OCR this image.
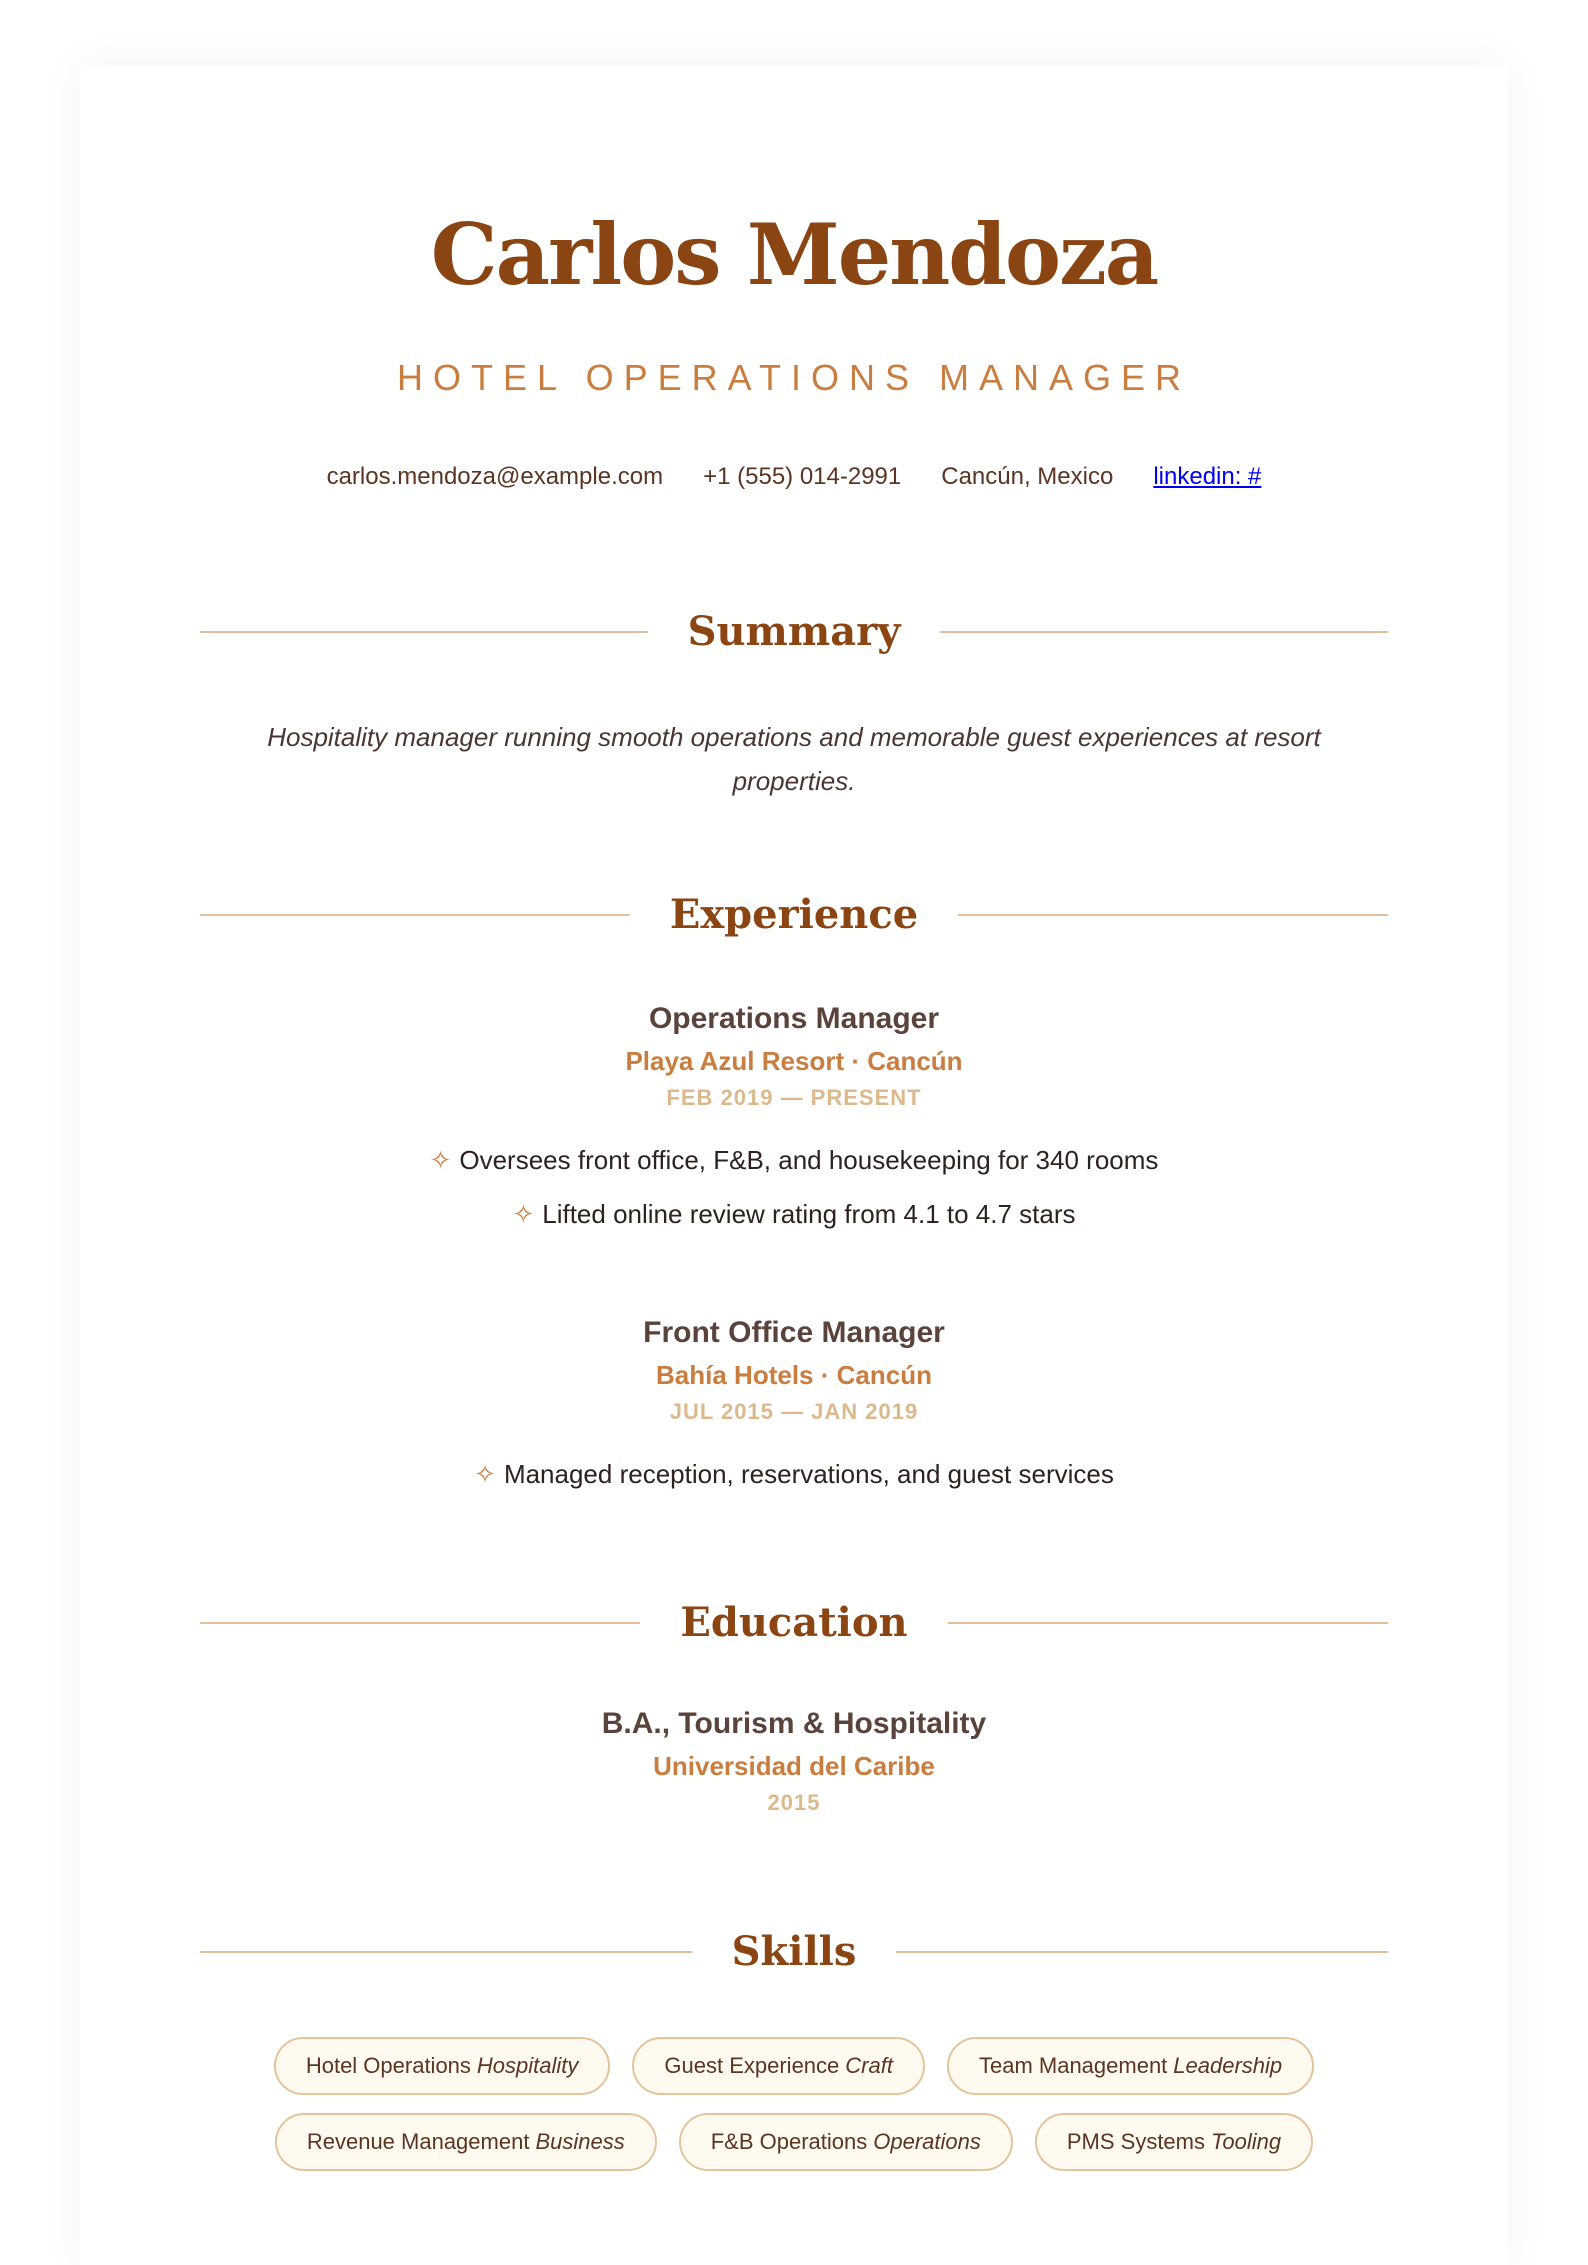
Carlos Mendoza
HOTEL OPERATIONS MANAGER
carlos.mendoza@example.com +1 (555) 014-2991 Cancún, Mexico linkedin: #
Summary
Hospitality manager running smooth operations and memorable guest experiences at resort properties.
Experience
Operations Manager
Playa Azul Resort · Cancún
FEB 2019 — PRESENT
✧ Oversees front office, F&B, and housekeeping for 340 rooms
✧ Lifted online review rating from 4.1 to 4.7 stars
Front Office Manager
Bahía Hotels · Cancún
JUL 2015 — JAN 2019
✧ Managed reception, reservations, and guest services
Education
B.A., Tourism & Hospitality
Universidad del Caribe
2015
Skills
Hotel Operations Hospitality	Guest Experience Craft	Team Management Leadership
Revenue Management Business	F&B Operations Operations	PMS Systems Tooling
